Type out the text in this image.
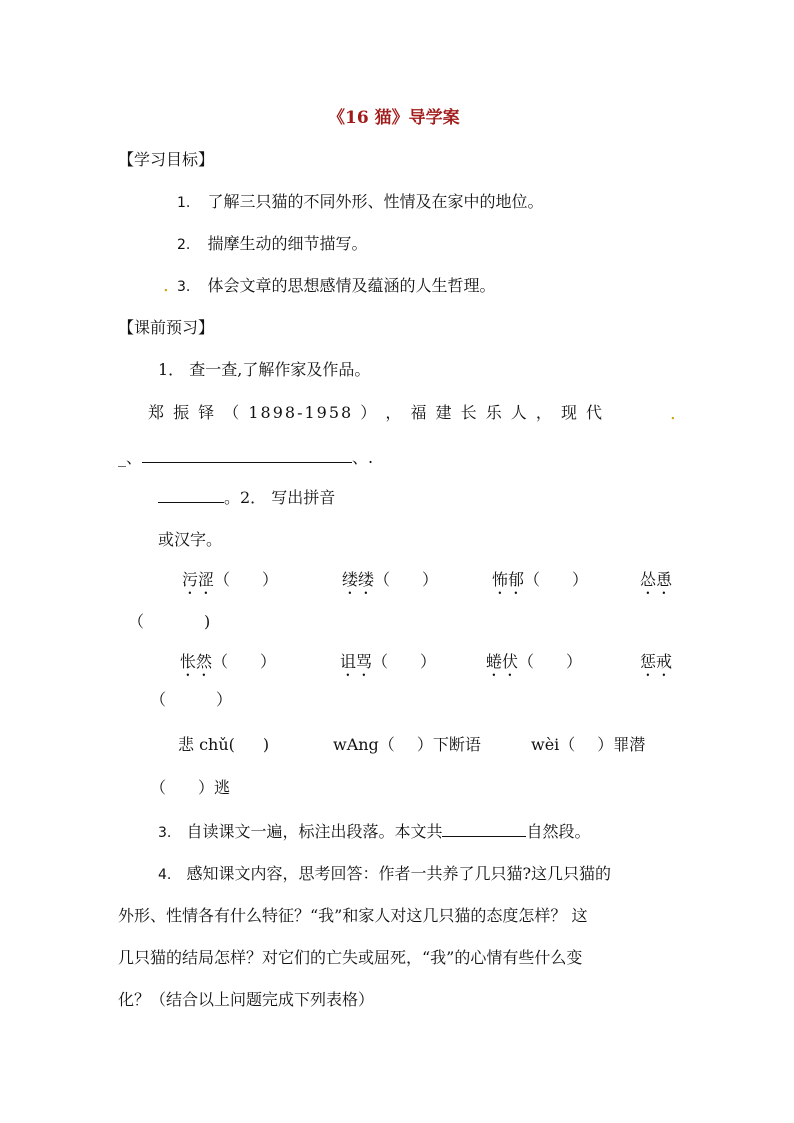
《16 猫》导学案
【学习目标】
1. 了解三只猫的不同外形、性情及在家中的地位。
2. 揣摩生动的细节描写。
. 3. 体会文章的思想感情及蕴涵的人生哲理。
【课前预习】
1． 查一查,了解作家及作品。
郑 振 铎 （ 1898-1958 ） ， 福 建 长 乐 人 ， 现 代	.
_、	、.
。2． 写出拼音
或汉字。
污涩（　　）	缕缕（　　）	怖郁（　　）	怂恿
（	)
怅然（　　）	诅骂（　　）	蜷伏（　　）	惩戒
（	）
悲 chǔ( )	wAng（ ）下断语	wèi（ ）罪潜
（　　）逃
3. 自读课文一遍，标注出段落。本文共	自然段。
4. 感知课文内容，思考回答：作者一共养了几只猫?这几只猫的
外形、性情各有什么特征？“我”和家人对这几只猫的态度怎样？ 这
几只猫的结局怎样？对它们的亡失或屈死，“我”的心情有些什么变
化？（结合以上问题完成下列表格）
